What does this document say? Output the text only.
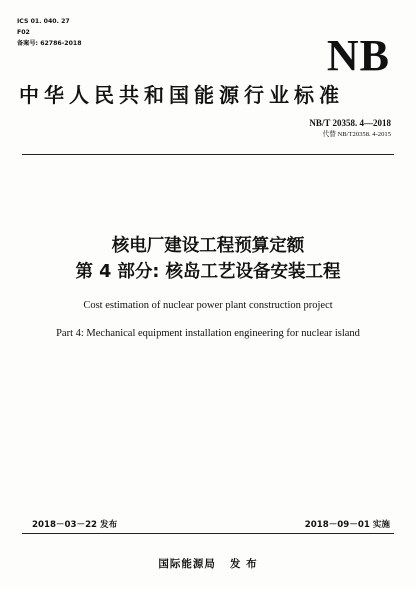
ICS 01. 040. 27
F02
备案号: 62786-2018	NB
中华人民共和国能源行业标准
NB/T 20358. 4—2018
代替 NB/T20358. 4-2015
核电厂建设工程预算定额
第 4 部分: 核岛工艺设备安装工程
Cost estimation of nuclear power plant construction project
Part 4: Mechanical equipment installation engineering for nuclear island
2018－03－22 发布	2018－09－01 实施
国际能源局 发 布
